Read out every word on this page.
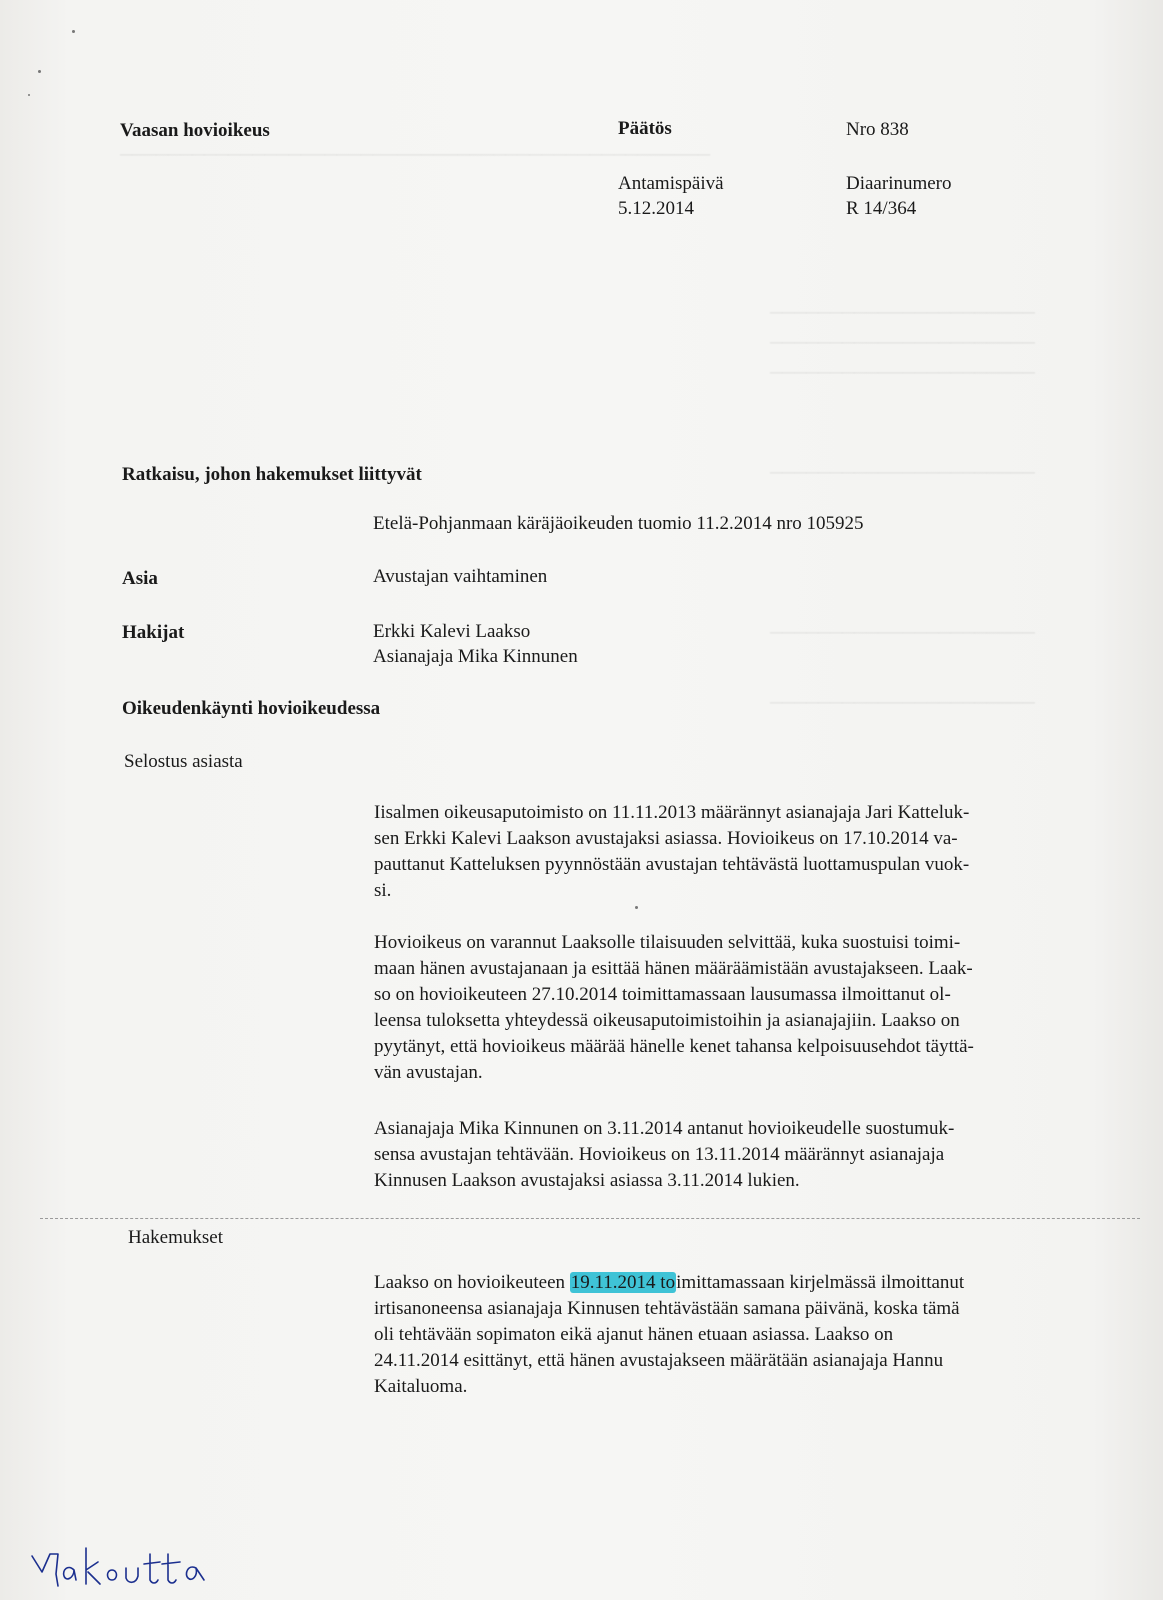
─────────────────────────────────────────────────
──────────────────────
──────────────────────
──────────────────────
──────────────────────
──────────────────────
──────────────────────
Vaasan hovioikeus	Päätös	Nro 838
Antamispäivä
5.12.2014
Diaarinumero
R 14/364
Ratkaisu, johon hakemukset liittyvät
Etelä-Pohjanmaan käräjäoikeuden tuomio 11.2.2014 nro 105925
Asia	Avustajan vaihtaminen
Hakijat	Erkki Kalevi Laakso
Asianajaja Mika Kinnunen
Oikeudenkäynti hovioikeudessa
Selostus asiasta
Iisalmen oikeusaputoimisto on 11.11.2013 määrännyt asianajaja Jari Katteluk-
sen Erkki Kalevi Laakson avustajaksi asiassa. Hovioikeus on 17.10.2014 va-
pauttanut Katteluksen pyynnöstään avustajan tehtävästä luottamuspulan vuok-
si.
Hovioikeus on varannut Laaksolle tilaisuuden selvittää, kuka suostuisi toimi-
maan hänen avustajanaan ja esittää hänen määräämistään avustajakseen. Laak-
so on hovioikeuteen 27.10.2014 toimittamassaan lausumassa ilmoittanut ol-
leensa tuloksetta yhteydessä oikeusaputoimistoihin ja asianajajiin. Laakso on
pyytänyt, että hovioikeus määrää hänelle kenet tahansa kelpoisuusehdot täyttä-
vän avustajan.
Asianajaja Mika Kinnunen on 3.11.2014 antanut hovioikeudelle suostumuk-
sensa avustajan tehtävään. Hovioikeus on 13.11.2014 määrännyt asianajaja
Kinnusen Laakson avustajaksi asiassa 3.11.2014 lukien.
Hakemukset
Laakso on hovioikeuteen 19.11.2014 toimittamassaan kirjelmässä ilmoittanut
irtisanoneensa asianajaja Kinnusen tehtävästään samana päivänä, koska tämä
oli tehtävään sopimaton eikä ajanut hänen etuaan asiassa. Laakso on
24.11.2014 esittänyt, että hänen avustajakseen määrätään asianajaja Hannu
Kaitaluoma.
